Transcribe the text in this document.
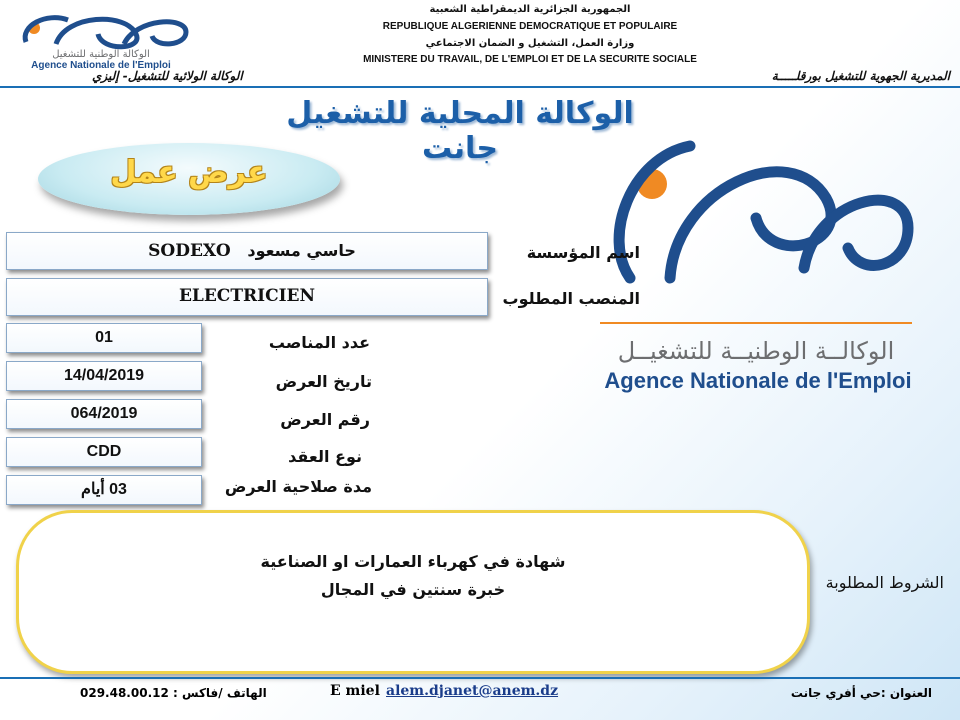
الوكالة الوطنية للتشغيل
Agence Nationale de l'Emploi
الجمهورية الجزائرية الديمقراطية الشعبية
REPUBLIQUE ALGERIENNE DEMOCRATIQUE ET POPULAIRE
وزارة العمل، التشغيل و الضمان الاجتماعي
MINISTERE DU TRAVAIL, DE L'EMPLOI ET DE LA SECURITE SOCIALE
المديرية الجهوية للتشغيل بورقلـــــة
الوكالة الولائية للتشغيل- إليزي
الوكالة المحلية للتشغيل جانت
عرض عمل
الوكالــة الوطنيــة للتشغيــل
Agence Nationale de l'Emploi
SODEXO حاسي مسعود	اسم المؤسسة
ELECTRICIEN	المنصب المطلوب
01	عدد المناصب
14/04/2019	تاريخ العرض
064/2019	رقم العرض
CDD	نوع العقد
03 أيام	مدة صلاحية العرض
شهادة في كهرباء العمارات او الصناعية
خبرة سنتين في المجال	الشروط المطلوبة
العنوان :حي أفري جانت
E miel alem.djanet@anem.dz
الهاتف /فاكس : 029.48.00.12
